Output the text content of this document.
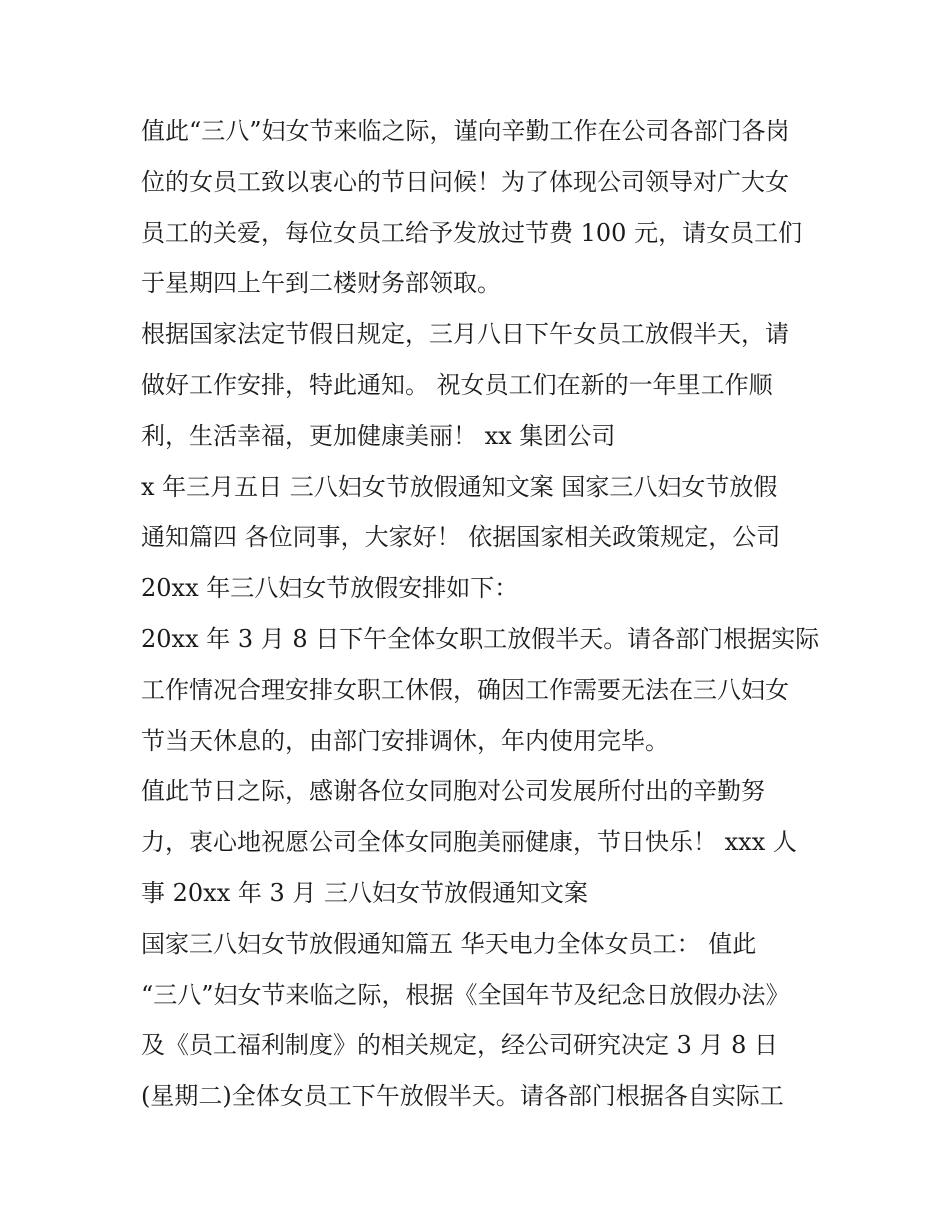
值此“三八”妇女节来临之际，谨向辛勤工作在公司各部门各岗
位的女员工致以衷心的节日问候！为了体现公司领导对广大女
员工的关爱，每位女员工给予发放过节费 100 元，请女员工们
于星期四上午到二楼财务部领取。
根据国家法定节假日规定，三月八日下午女员工放假半天，请
做好工作安排，特此通知。 祝女员工们在新的一年里工作顺
利，生活幸福，更加健康美丽！ xx 集团公司
x 年三月五日 三八妇女节放假通知文案 国家三八妇女节放假
通知篇四 各位同事，大家好！ 依据国家相关政策规定，公司
20xx 年三八妇女节放假安排如下：
20xx 年 3 月 8 日下午全体女职工放假半天。请各部门根据实际
工作情况合理安排女职工休假，确因工作需要无法在三八妇女
节当天休息的，由部门安排调休，年内使用完毕。
值此节日之际，感谢各位女同胞对公司发展所付出的辛勤努
力，衷心地祝愿公司全体女同胞美丽健康，节日快乐！ xxx 人
事 20xx 年 3 月 三八妇女节放假通知文案
国家三八妇女节放假通知篇五 华天电力全体女员工： 值此
“三八”妇女节来临之际，根据《全国年节及纪念日放假办法》
及《员工福利制度》的相关规定，经公司研究决定 3 月 8 日
(星期二)全体女员工下午放假半天。请各部门根据各自实际工
